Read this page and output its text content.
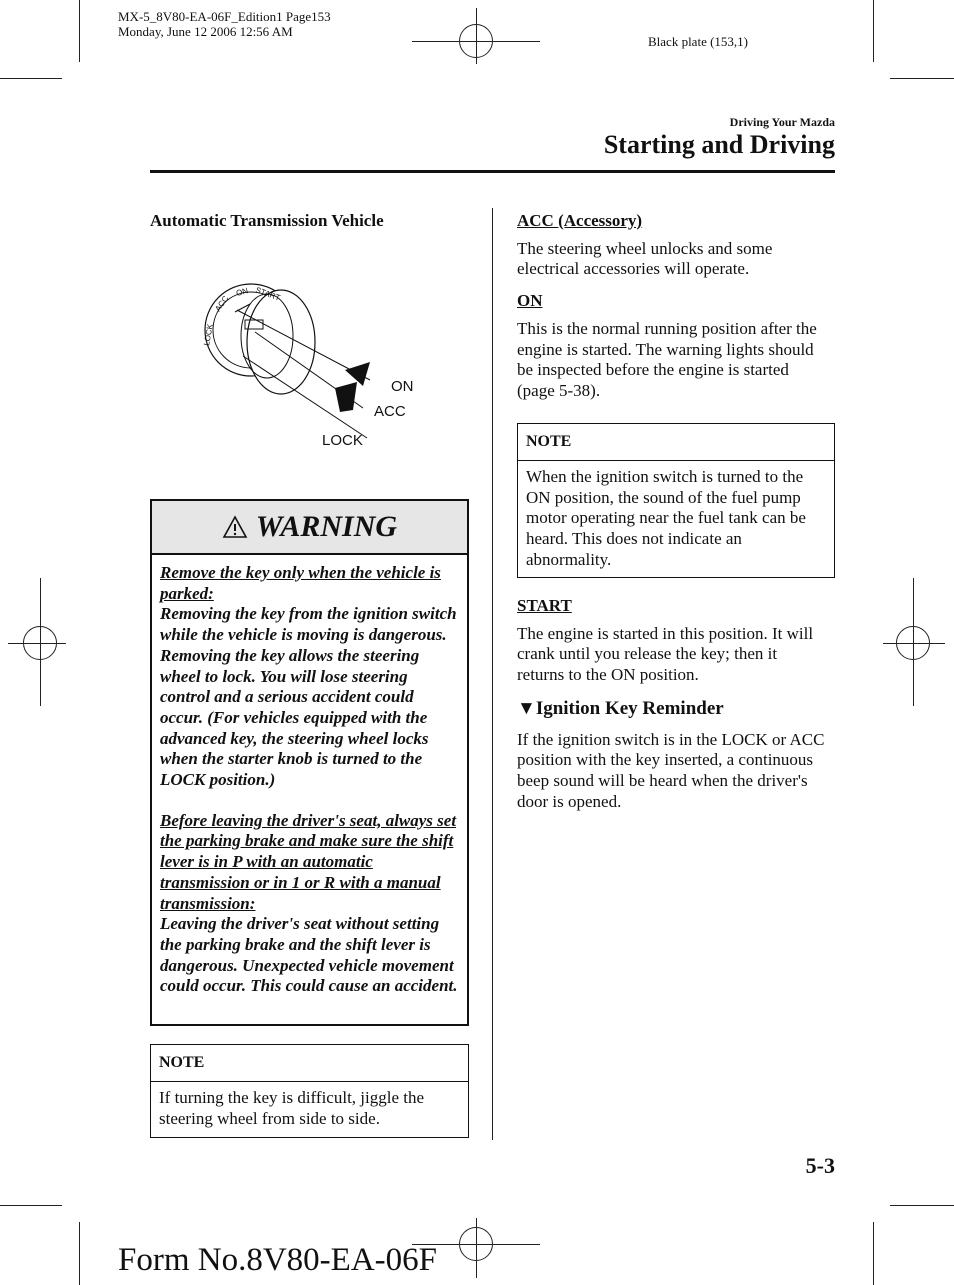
MX-5_8V80-EA-06F_Edition1 Page153
Monday, June 12 2006 12:56 AM
Black plate (153,1)
Driving Your Mazda
Starting and Driving
Automatic Transmission Vehicle
LOCK
ACC
ON START
ON
ACC
LOCK
WARNING

Remove the key only when the vehicle is parked:

Removing the key from the ignition switch while the vehicle is moving is dangerous. Removing the key allows the steering wheel to lock. You will lose steering control and a serious accident could occur. (For vehicles equipped with the advanced key, the steering wheel locks when the starter knob is turned to the LOCK position.)

Before leaving the driver's seat, always set the parking brake and make sure the shift lever is in P with an automatic transmission or in 1 or R with a manual transmission:

Leaving the driver's seat without setting the parking brake and the shift lever is dangerous. Unexpected vehicle movement could occur. This could cause an accident.

NOTE
If turning the key is difficult, jiggle the steering wheel from side to side.

ACC (Accessory)

The steering wheel unlocks and some electrical accessories will operate.

ON

This is the normal running position after the engine is started. The warning lights should be inspected before the engine is started (page 5-38).

NOTE
When the ignition switch is turned to the ON position, the sound of the fuel pump motor operating near the fuel tank can be heard. This does not indicate an abnormality.

START

The engine is started in this position. It will crank until you release the key; then it returns to the ON position.

▼Ignition Key Reminder

If the ignition switch is in the LOCK or ACC position with the key inserted, a continuous beep sound will be heard when the driver's door is opened.

5-3
Form No.8V80-EA-06F
